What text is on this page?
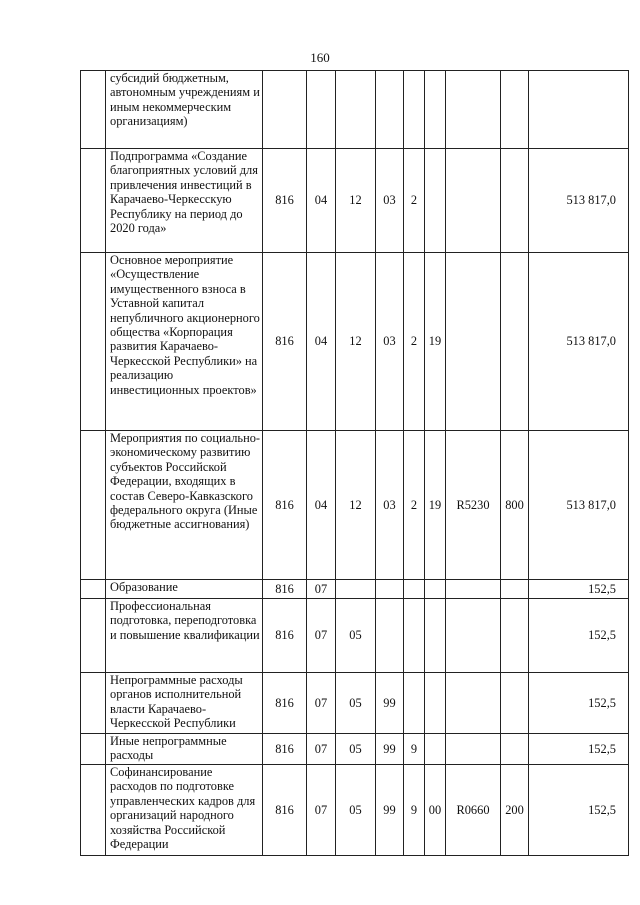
160
	субсидий бюджетным, автономным учреждениям и иным некоммерческим организациям)									
	Подпрограмма «Создание благоприятных условий для привлечения инвестиций в Карачаево-Черкесскую Республику на период до 2020 года»	816	04	12	03	2				513 817,0
	Основное мероприятие «Осуществление имущественного взноса в Уставной капитал непубличного акционерного общества «Корпорация развития Карачаево-Черкесской Республики» на реализацию инвестиционных проектов»	816	04	12	03	2	19			513 817,0
	Мероприятия по социально-экономическому развитию субъектов Российской Федерации, входящих в состав Северо-Кавказского федерального округа (Иные бюджетные ассигнования)	816	04	12	03	2	19	R5230	800	513 817,0
	Образование	816	07							152,5
	Профессиональная подготовка, переподготовка и повышение квалификации	816	07	05						152,5
	Непрограммные расходы органов исполнительной власти Карачаево-Черкесской Республики	816	07	05	99					152,5
	Иные непрограммные расходы	816	07	05	99	9				152,5
	Софинансирование расходов по подготовке управленческих кадров для организаций народного хозяйства Российской Федерации	816	07	05	99	9	00	R0660	200	152,5
